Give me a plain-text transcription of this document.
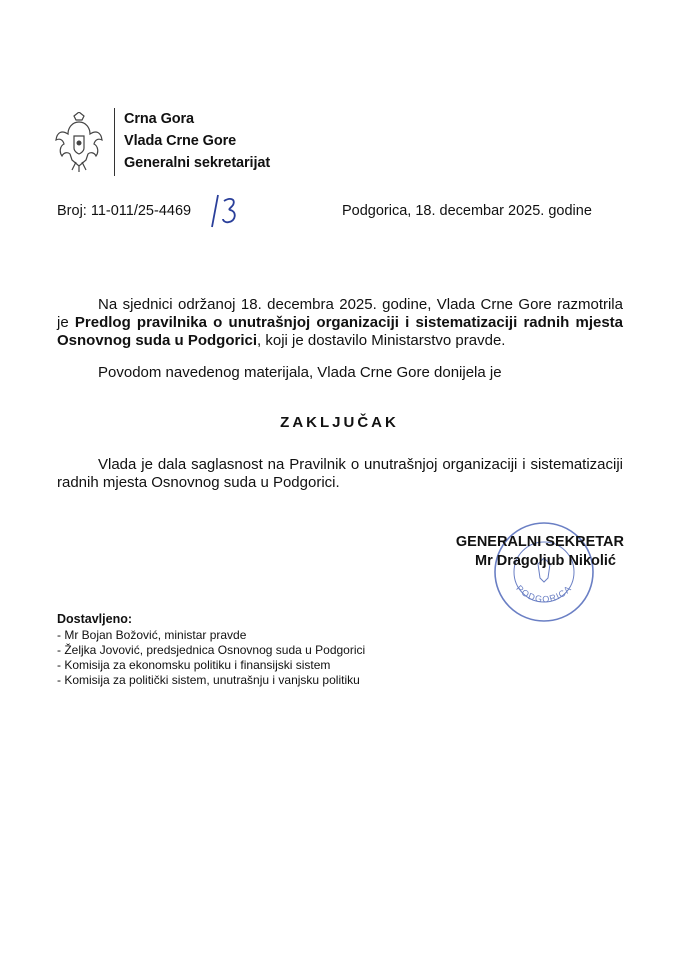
Crna Gora
Vlada Crne Gore
Generalni sekretarijat
Broj: 11-011/25-4469	Podgorica, 18. decembar 2025. godine
Na sjednici održanoj 18. decembra 2025. godine, Vlada Crne Gore razmotrila je Predlog pravilnika o unutrašnjoj organizaciji i sistematizaciji radnih mjesta Osnovnog suda u Podgorici, koji je dostavilo Ministarstvo pravde.
Povodom navedenog materijala, Vlada Crne Gore donijela je
ZAKLJUČAK
Vlada je dala saglasnost na Pravilnik o unutrašnjoj organizaciji i sistematizaciji radnih mjesta Osnovnog suda u Podgorici.
PODGORICA
GENERALNI SEKRETAR
Mr Dragoljub Nikolić
Dostavljeno:
- Mr Bojan Božović, ministar pravde
- Željka Jovović, predsjednica Osnovnog suda u Podgorici
- Komisija za ekonomsku politiku i finansijski sistem
- Komisija za politički sistem, unutrašnju i vanjsku politiku
